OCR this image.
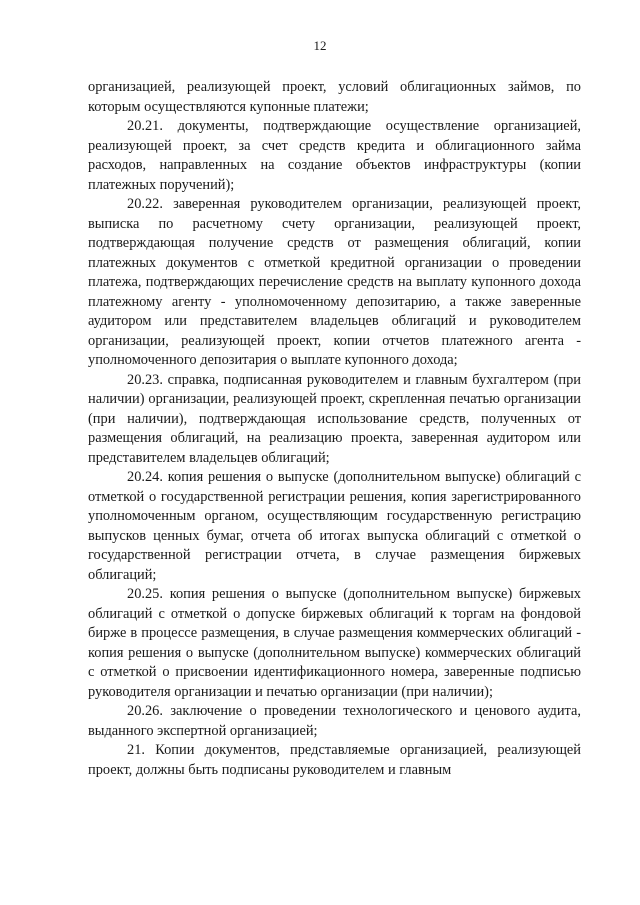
12

организацией, реализующей проект, условий облигационных займов, по которым осуществляются купонные платежи;

20.21. документы, подтверждающие осуществление организацией, реализующей проект, за счет средств кредита и облигационного займа расходов, направленных на создание объектов инфраструктуры (копии платежных поручений);

20.22. заверенная руководителем организации, реализующей проект, выписка по расчетному счету организации, реализующей проект, подтверждающая получение средств от размещения облигаций, копии платежных документов с отметкой кредитной организации о проведении платежа, подтверждающих перечисление средств на выплату купонного дохода платежному агенту - уполномоченному депозитарию, а также заверенные аудитором или представителем владельцев облигаций и руководителем организации, реализующей проект, копии отчетов платежного агента - уполномоченного депозитария о выплате купонного дохода;

20.23. справка, подписанная руководителем и главным бухгалтером (при наличии) организации, реализующей проект, скрепленная печатью организации (при наличии), подтверждающая использование средств, полученных от размещения облигаций, на реализацию проекта, заверенная аудитором или представителем владельцев облигаций;

20.24. копия решения о выпуске (дополнительном выпуске) облигаций с отметкой о государственной регистрации решения, копия зарегистрированного уполномоченным органом, осуществляющим государственную регистрацию выпусков ценных бумаг, отчета об итогах выпуска облигаций с отметкой о государственной регистрации отчета, в случае размещения биржевых облигаций;

20.25. копия решения о выпуске (дополнительном выпуске) биржевых облигаций с отметкой о допуске биржевых облигаций к торгам на фондовой бирже в процессе размещения, в случае размещения коммерческих облигаций - копия решения о выпуске (дополнительном выпуске) коммерческих облигаций с отметкой о присвоении идентификационного номера, заверенные подписью руководителя организации и печатью организации (при наличии);

20.26. заключение о проведении технологического и ценового аудита, выданного экспертной организацией;

21. Копии документов, представляемые организацией, реализующей проект, должны быть подписаны руководителем и главным
